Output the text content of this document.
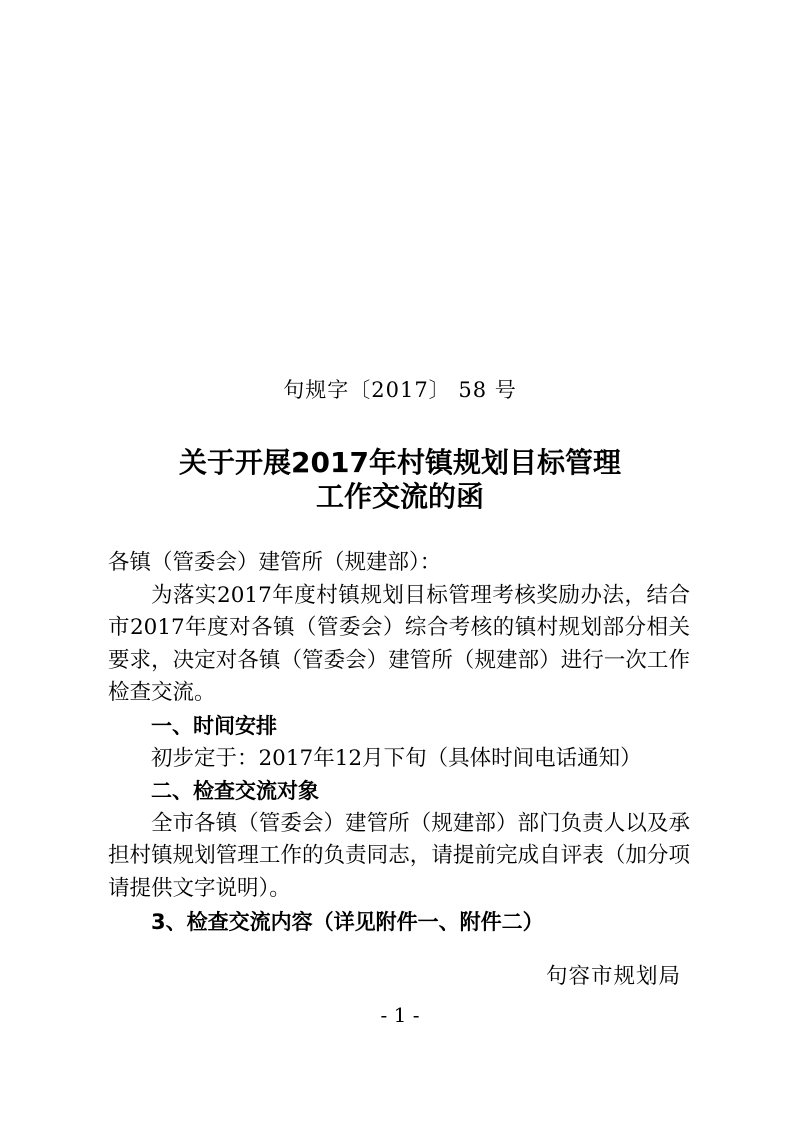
句规字〔2017〕 58 号
关于开展2017年村镇规划目标管理
工作交流的函
各镇（管委会）建管所（规建部）：
为落实2017年度村镇规划目标管理考核奖励办法，结合
市2017年度对各镇（管委会）综合考核的镇村规划部分相关
要求，决定对各镇（管委会）建管所（规建部）进行一次工作
检查交流。
一、时间安排
初步定于：2017年12月下旬（具体时间电话通知）
二、检查交流对象
全市各镇（管委会）建管所（规建部）部门负责人以及承
担村镇规划管理工作的负责同志，请提前完成自评表（加分项
请提供文字说明）。
3、检查交流内容（详见附件一、附件二）
句容市规划局
- 1 -
